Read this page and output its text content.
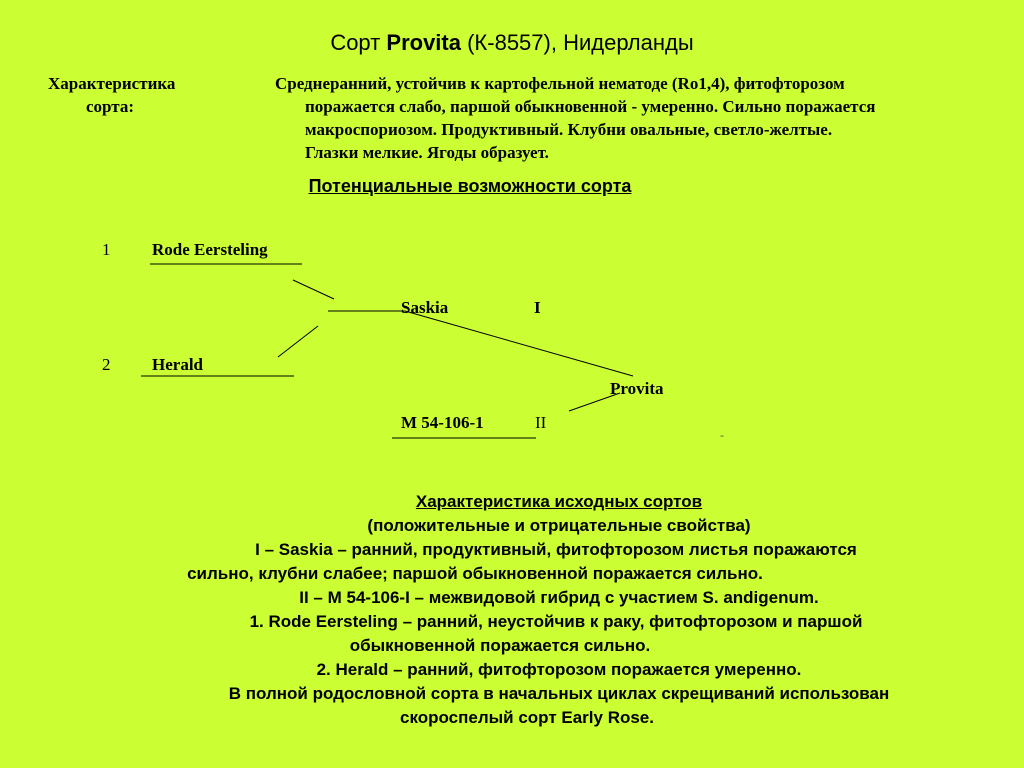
Сорт Provita (К-8557), Нидерланды
Характеристика
сорта:
Среднеранний, устойчив к картофельной нематоде (Ro1,4), фитофторозом
поражается слабо, паршой обыкновенной - умеренно. Сильно поражается
макроспориозом. Продуктивный. Клубни овальные, светло-желтые.
Глазки мелкие. Ягоды образует.
Потенциальные возможности сорта
1 Rode Eersteling
Saskia	I
2 Herald
Provita
M 54-106-1	II
-
Характеристика исходных сортов
(положительные и отрицательные свойства)
I – Saskia – ранний, продуктивный, фитофторозом листья поражаются
сильно, клубни слабее; паршой обыкновенной поражается сильно.
II – М 54-106-I – межвидовой гибрид с участием S. andigenum.
1. Rode Eersteling – ранний, неустойчив к раку, фитофторозом и паршой
обыкновенной поражается сильно.
2. Herald – ранний, фитофторозом поражается умеренно.
В полной родословной сорта в начальных циклах скрещиваний использован
скороспелый сорт Early Rose.
